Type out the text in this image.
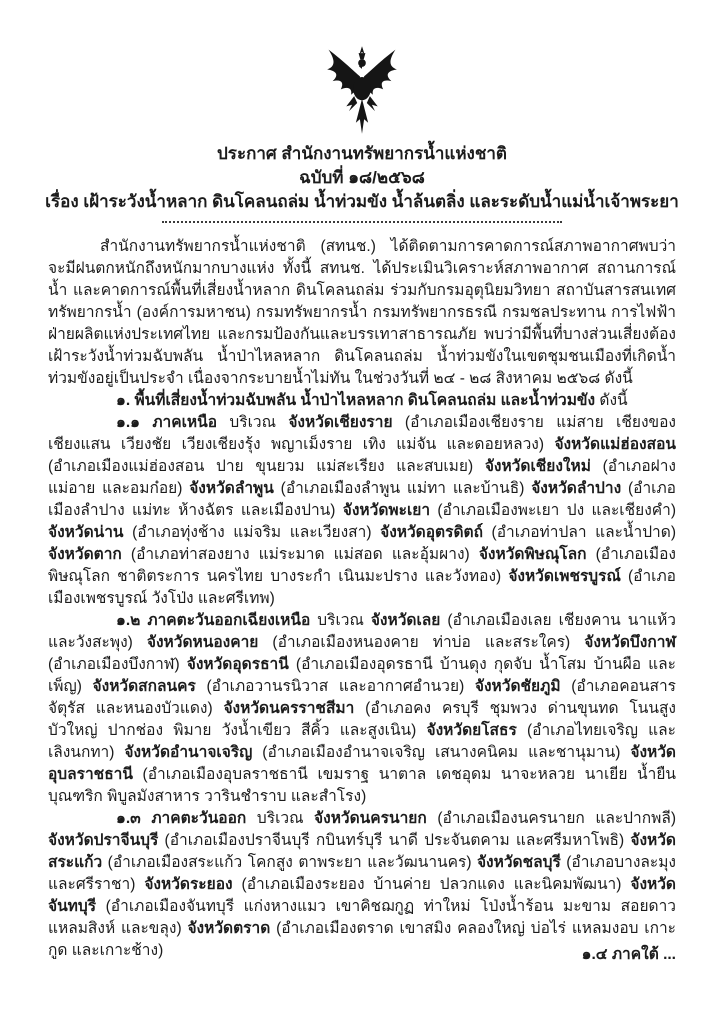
ประกาศ สำนักงานทรัพยากรน้ำแห่งชาติ
ฉบับที่ ๑๘/๒๕๖๘
เรื่อง เฝ้าระวังน้ำหลาก ดินโคลนถล่ม น้ำท่วมขัง น้ำล้นตลิ่ง และระดับน้ำแม่น้ำเจ้าพระยา

สำนักงานทรัพยากรน้ำแห่งชาติ (สทนช.) ได้ติดตามการคาดการณ์สภาพอากาศพบว่า จะมีฝนตกหนักถึงหนักมากบางแห่ง ทั้งนี้ สทนช. ได้ประเมินวิเคราะห์สภาพอากาศ สถานการณ์น้ำ และคาดการณ์พื้นที่เสี่ยงน้ำหลาก ดินโคลนถล่ม ร่วมกับกรมอุตุนิยมวิทยา สถาบันสารสนเทศทรัพยากรน้ำ (องค์การมหาชน) กรมทรัพยากรน้ำ กรมทรัพยากรธรณี กรมชลประทาน การไฟฟ้าฝ่ายผลิตแห่งประเทศไทย และกรมป้องกันและบรรเทาสาธารณภัย พบว่ามีพื้นที่บางส่วนเสี่ยงต้องเฝ้าระวังน้ำท่วมฉับพลัน น้ำป่าไหลหลาก ดินโคลนถล่ม น้ำท่วมขังในเขตชุมชนเมืองที่เกิดน้ำท่วมขังอยู่เป็นประจำ เนื่องจากระบายน้ำไม่ทัน ในช่วงวันที่ ๒๔ - ๒๘ สิงหาคม ๒๕๖๘ ดังนี้

๑. พื้นที่เสี่ยงน้ำท่วมฉับพลัน น้ำป่าไหลหลาก ดินโคลนถล่ม และน้ำท่วมขัง ดังนี้

๑.๑ ภาคเหนือ บริเวณ จังหวัดเชียงราย (อำเภอเมืองเชียงราย แม่สาย เชียงของ เชียงแสน เวียงชัย เวียงเชียงรุ้ง พญาเม็งราย เทิง แม่จัน และดอยหลวง) จังหวัดแม่ฮ่องสอน (อำเภอเมืองแม่ฮ่องสอน ปาย ขุนยวม แม่สะเรียง และสบเมย) จังหวัดเชียงใหม่ (อำเภอฝาง แม่อาย และอมก๋อย) จังหวัดลำพูน (อำเภอเมืองลำพูน แม่ทา และบ้านธิ) จังหวัดลำปาง (อำเภอเมืองลำปาง แม่ทะ ห้างฉัตร และเมืองปาน) จังหวัดพะเยา (อำเภอเมืองพะเยา ปง และเชียงคำ) จังหวัดน่าน (อำเภอทุ่งช้าง แม่จริม และเวียงสา) จังหวัดอุตรดิตถ์ (อำเภอท่าปลา และน้ำปาด) จังหวัดตาก (อำเภอท่าสองยาง แม่ระมาด แม่สอด และอุ้มผาง) จังหวัดพิษณุโลก (อำเภอเมืองพิษณุโลก ชาติตระการ นครไทย บางระกำ เนินมะปราง และวังทอง) จังหวัดเพชรบูรณ์ (อำเภอเมืองเพชรบูรณ์ วังโป่ง และศรีเทพ)

๑.๒ ภาคตะวันออกเฉียงเหนือ บริเวณ จังหวัดเลย (อำเภอเมืองเลย เชียงคาน นาแห้ว และวังสะพุง) จังหวัดหนองคาย (อำเภอเมืองหนองคาย ท่าบ่อ และสระใคร) จังหวัดบึงกาฬ (อำเภอเมืองบึงกาฬ) จังหวัดอุดรธานี (อำเภอเมืองอุดรธานี บ้านดุง กุดจับ น้ำโสม บ้านผือ และเพ็ญ) จังหวัดสกลนคร (อำเภอวานรนิวาส และอากาศอำนวย) จังหวัดชัยภูมิ (อำเภอคอนสาร จัตุรัส และหนองบัวแดง) จังหวัดนครราชสีมา (อำเภอคง ครบุรี ชุมพวง ด่านขุนทด โนนสูง บัวใหญ่ ปากช่อง พิมาย วังน้ำเขียว สีคิ้ว และสูงเนิน) จังหวัดยโสธร (อำเภอไทยเจริญ และเลิงนกทา) จังหวัดอำนาจเจริญ (อำเภอเมืองอำนาจเจริญ เสนางคนิคม และชานุมาน) จังหวัดอุบลราชธานี (อำเภอเมืองอุบลราชธานี เขมราฐ นาตาล เดชอุดม นาจะหลวย นาเยีย น้ำยืน บุณฑริก พิบูลมังสาหาร วารินชำราบ และสำโรง)

๑.๓ ภาคตะวันออก บริเวณ จังหวัดนครนายก (อำเภอเมืองนครนายก และปากพลี) จังหวัดปราจีนบุรี (อำเภอเมืองปราจีนบุรี กบินทร์บุรี นาดี ประจันตคาม และศรีมหาโพธิ) จังหวัดสระแก้ว (อำเภอเมืองสระแก้ว โคกสูง ตาพระยา และวัฒนานคร) จังหวัดชลบุรี (อำเภอบางละมุง และศรีราชา) จังหวัดระยอง (อำเภอเมืองระยอง บ้านค่าย ปลวกแดง และนิคมพัฒนา) จังหวัดจันทบุรี (อำเภอเมืองจันทบุรี แก่งหางแมว เขาคิชฌกูฏ ท่าใหม่ โป่งน้ำร้อน มะขาม สอยดาว แหลมสิงห์ และขลุง) จังหวัดตราด (อำเภอเมืองตราด เขาสมิง คลองใหญ่ บ่อไร่ แหลมงอบ เกาะกูด และเกาะช้าง)	๑.๔ ภาคใต้ ...
